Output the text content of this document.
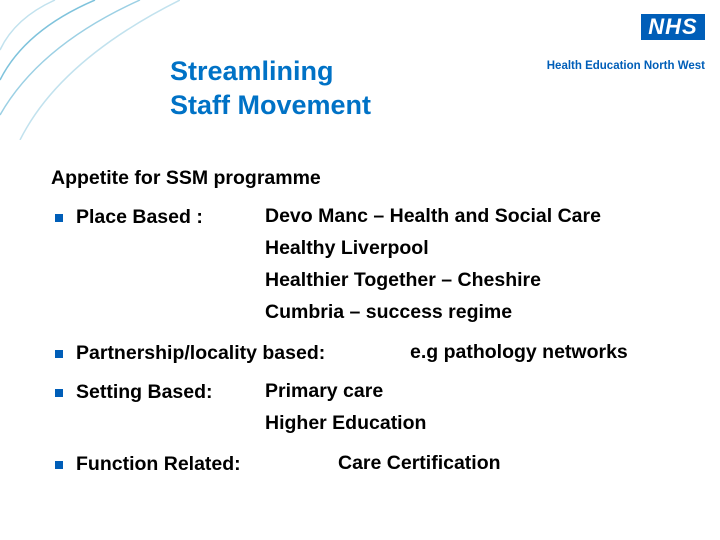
NHS
Health Education North West
Streamlining
Staff Movement
Appetite for SSM programme
Place Based :	Devo Manc – Health and Social Care
Healthy Liverpool
Healthier Together – Cheshire
Cumbria – success regime
Partnership/locality based:	e.g pathology networks
Setting Based:	Primary care
Higher Education
Function Related:	Care Certification
